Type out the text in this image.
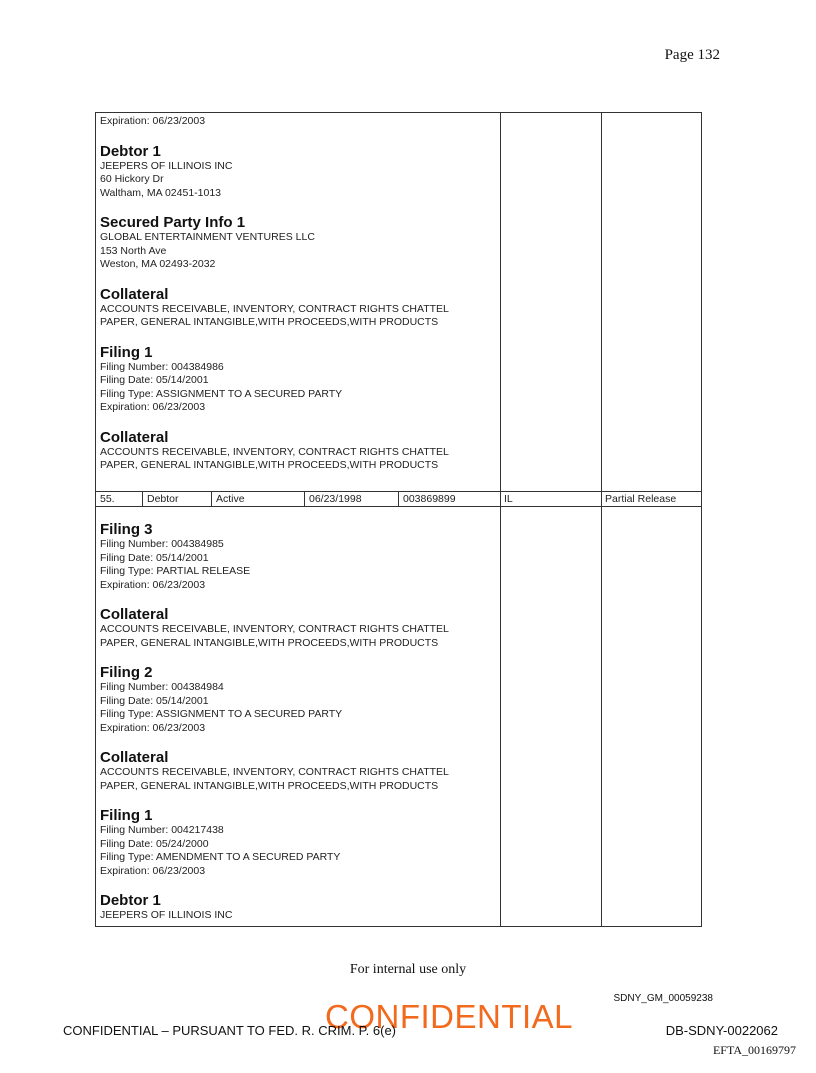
Page 132
Expiration: 06/23/2003
Debtor 1
JEEPERS OF ILLINOIS INC
60 Hickory Dr
Waltham, MA 02451-1013
Secured Party Info 1
GLOBAL ENTERTAINMENT VENTURES LLC
153 North Ave
Weston, MA 02493-2032
Collateral
ACCOUNTS RECEIVABLE, INVENTORY, CONTRACT RIGHTS CHATTEL
PAPER, GENERAL INTANGIBLE,WITH PROCEEDS,WITH PRODUCTS
Filing 1
Filing Number: 004384986
Filing Date: 05/14/2001
Filing Type: ASSIGNMENT TO A SECURED PARTY
Expiration: 06/23/2003
Collateral
ACCOUNTS RECEIVABLE, INVENTORY, CONTRACT RIGHTS CHATTEL
PAPER, GENERAL INTANGIBLE,WITH PROCEEDS,WITH PRODUCTS
55.	Debtor	Active	06/23/1998	003869899	IL	Partial Release
Filing 3
Filing Number: 004384985
Filing Date: 05/14/2001
Filing Type: PARTIAL RELEASE
Expiration: 06/23/2003
Collateral
ACCOUNTS RECEIVABLE, INVENTORY, CONTRACT RIGHTS CHATTEL
PAPER, GENERAL INTANGIBLE,WITH PROCEEDS,WITH PRODUCTS
Filing 2
Filing Number: 004384984
Filing Date: 05/14/2001
Filing Type: ASSIGNMENT TO A SECURED PARTY
Expiration: 06/23/2003
Collateral
ACCOUNTS RECEIVABLE, INVENTORY, CONTRACT RIGHTS CHATTEL
PAPER, GENERAL INTANGIBLE,WITH PROCEEDS,WITH PRODUCTS
Filing 1
Filing Number: 004217438
Filing Date: 05/24/2000
Filing Type: AMENDMENT TO A SECURED PARTY
Expiration: 06/23/2003
Debtor 1
JEEPERS OF ILLINOIS INC
For internal use only
SDNY_GM_00059238
CONFIDENTIAL – PURSUANT TO FED. R. CRIM. P. 6(e)
CONFIDENTIAL	DB-SDNY-0022062
EFTA_00169797
